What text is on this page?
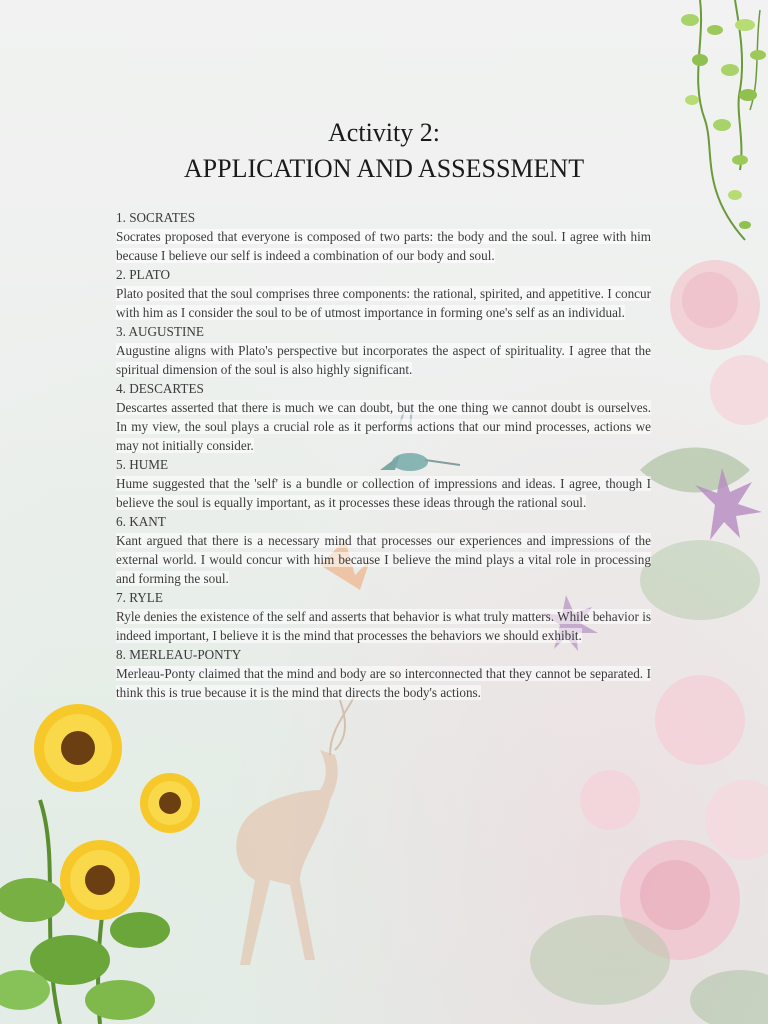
Activity 2:
APPLICATION AND ASSESSMENT
1. SOCRATES
Socrates proposed that everyone is composed of two parts: the body and the soul. I agree with him because I believe our self is indeed a combination of our body and soul.
2. PLATO
Plato posited that the soul comprises three components: the rational, spirited, and appetitive. I concur with him as I consider the soul to be of utmost importance in forming one's self as an individual.
3. AUGUSTINE
Augustine aligns with Plato's perspective but incorporates the aspect of spirituality. I agree that the spiritual dimension of the soul is also highly significant.
4. DESCARTES
Descartes asserted that there is much we can doubt, but the one thing we cannot doubt is ourselves. In my view, the soul plays a crucial role as it performs actions that our mind processes, actions we may not initially consider.
5. HUME
Hume suggested that the 'self' is a bundle or collection of impressions and ideas. I agree, though I believe the soul is equally important, as it processes these ideas through the rational soul.
6. KANT
Kant argued that there is a necessary mind that processes our experiences and impressions of the external world. I would concur with him because I believe the mind plays a vital role in processing and forming the soul.
7. RYLE
Ryle denies the existence of the self and asserts that behavior is what truly matters. While behavior is indeed important, I believe it is the mind that processes the behaviors we should exhibit.
8. MERLEAU-PONTY
Merleau-Ponty claimed that the mind and body are so interconnected that they cannot be separated. I think this is true because it is the mind that directs the body's actions.
